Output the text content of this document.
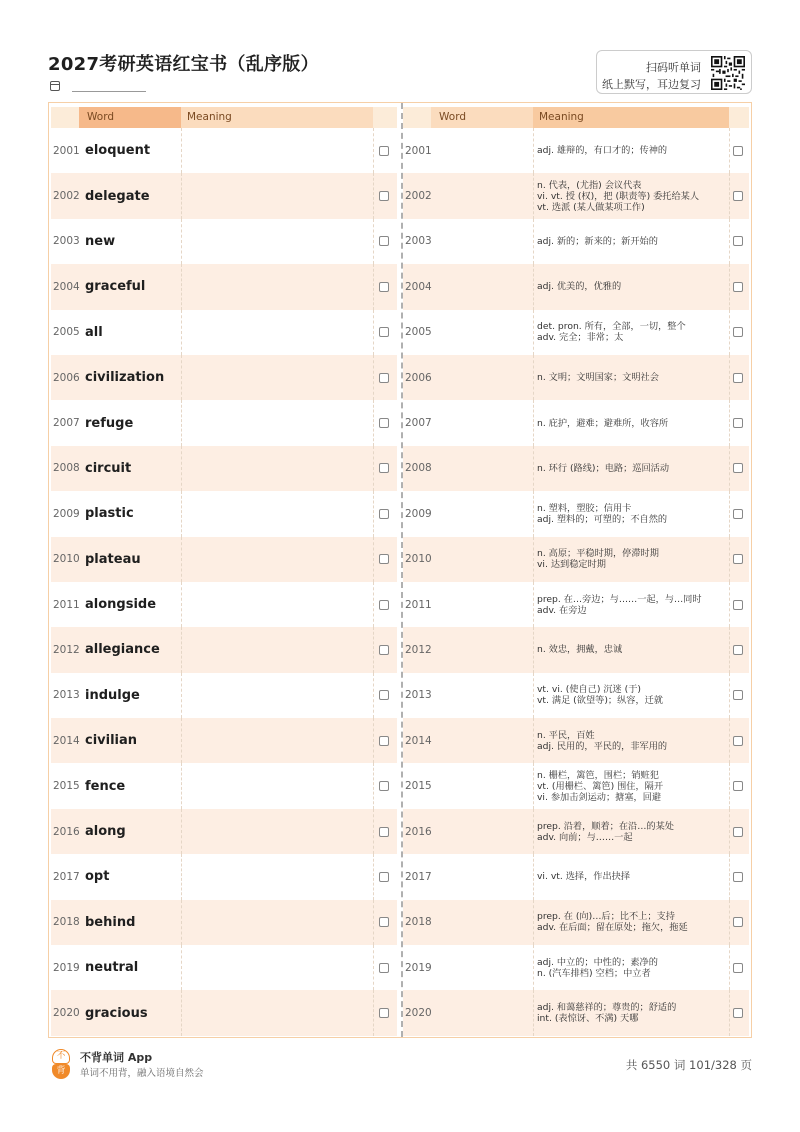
2027考研英语红宝书（乱序版）	扫码听单词
纸上默写，耳边复习
Word	Meaning
2001 eloquent
2002 delegate
2003 new
2004 graceful
2005 all
2006 civilization
2007 refuge
2008 circuit
2009 plastic
2010 plateau
2011 alongside
2012 allegiance
2013 indulge
2014 civilian
2015 fence
2016 along
2017 opt
2018 behind
2019 neutral
2020 gracious
Word	Meaning
2001	adj. 雄辩的，有口才的；传神的
2002
n. 代表，(尤指) 会议代表
vi. vt. 授 (权)，把 (职责等) 委托给某人
vt. 选派 (某人做某项工作)
2003	adj. 新的；新来的；新开始的
2004	adj. 优美的，优雅的
2005	det. pron. 所有，全部，一切，整个
adv. 完全；非常；太
2006	n. 文明；文明国家；文明社会
2007	n. 庇护，避难；避难所，收容所
2008	n. 环行 (路线)；电路；巡回活动
2009	n. 塑料，塑胶；信用卡
adj. 塑料的；可塑的；不自然的
2010	n. 高原；平稳时期，停滞时期
vi. 达到稳定时期
2011	prep. 在…旁边；与……一起，与…同时
adv. 在旁边
2012	n. 效忠，拥戴，忠诚
2013	vt. vi. (使自己) 沉迷 (于)
vt. 满足 (欲望等)；纵容，迁就
2014	n. 平民，百姓
adj. 民用的，平民的，非军用的
2015
n. 栅栏，篱笆，围栏；销赃犯
vt. (用栅栏、篱笆) 围住，隔开
vi. 参加击剑运动；搪塞，回避
2016	prep. 沿着，顺着；在沿…的某处
adv. 向前；与……一起
2017	vi. vt. 选择，作出抉择
2018	prep. 在 (向)…后；比不上；支持
adv. 在后面；留在原处；拖欠，拖延
2019	adj. 中立的；中性的；素净的
n. (汽车排档) 空档；中立者
2020	adj. 和蔼慈祥的；尊贵的；舒适的
int. (表惊讶、不满) 天哪
不
背
不背单词 App
单词不用背，融入语境自然会
共 6550 词 101/328 页
